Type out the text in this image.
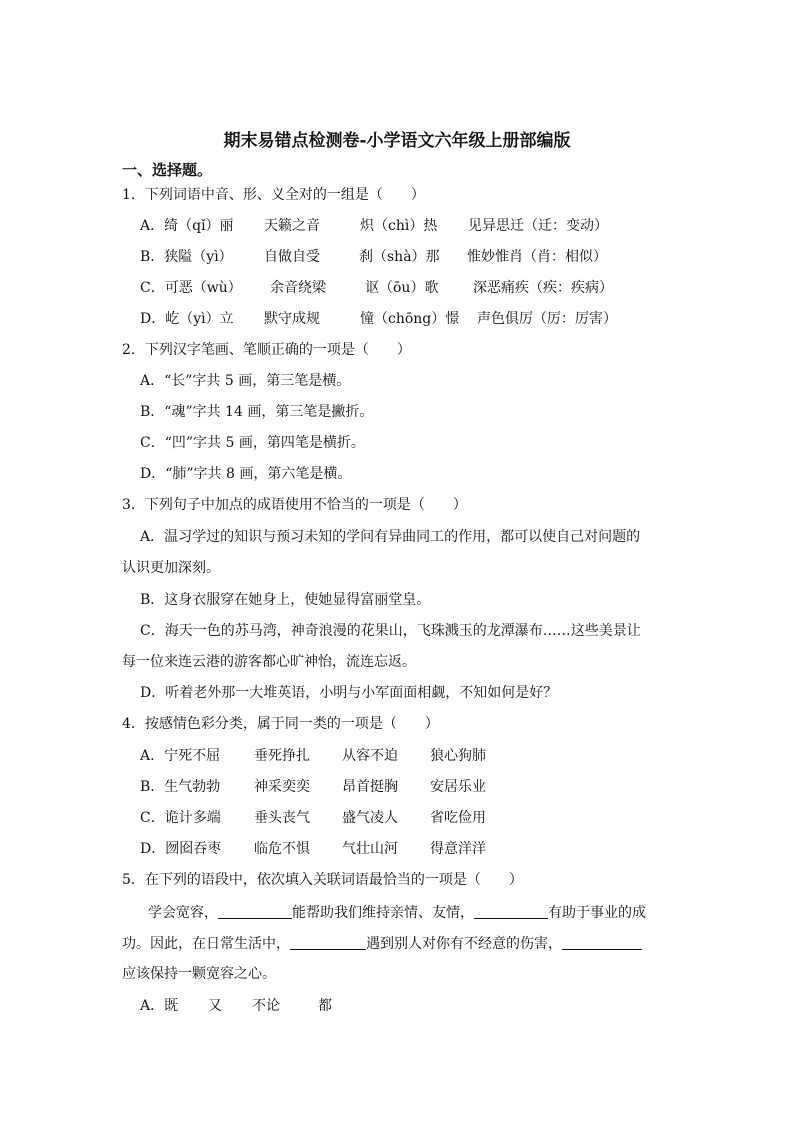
期末易错点检测卷-小学语文六年级上册部编版
一、选择题。
1．下列词语中音、形、义全对的一组是（　　）
A．绮（qǐ）丽 天籁之音	炽（chì）热 见异思迁（迁：变动）
B．狭隘（yì） 自做自受	刹（shà）那 惟妙惟肖（肖：相似）
C．可恶（wù） 余音绕梁	讴（ōu）歌 深恶痛疾（疾：疾病）
D．屹（yì）立 默守成规	憧（chōng）憬 声色俱厉（厉：厉害）
2．下列汉字笔画、笔顺正确的一项是（　　）
A．“长”字共 5 画，第三笔是横。
B．“魂”字共 14 画，第三笔是撇折。
C．“凹”字共 5 画，第四笔是横折。
D．“肺”字共 8 画，第六笔是横。
3．下列句子中加点的成语使用不恰当的一项是（　　）
A．温习学过的知识与预习未知的学问有异曲同工的作用，都可以使自己对问题的
认识更加深刻。
B．这身衣服穿在她身上，使她显得富丽堂皇。
C．海天一色的苏马湾，神奇浪漫的花果山，飞珠溅玉的龙潭瀑布……这些美景让
每一位来连云港的游客都心旷神怡，流连忘返。
D．听着老外那一大堆英语，小明与小军面面相觑，不知如何是好？
4．按感情色彩分类，属于同一类的一项是（　　）
A．宁死不屈 垂死挣扎 从容不迫 狼心狗肺
B．生气勃勃 神采奕奕 昂首挺胸 安居乐业
C．诡计多端 垂头丧气 盛气凌人 省吃俭用
D．囫囵吞枣 临危不惧 气壮山河 得意洋洋
5．在下列的语段中，依次填入关联词语最恰当的一项是（　　）
学会宽容，	能帮助我们维持亲情、友情，	有助于事业的成
功。因此，在日常生活中，	遇到别人对你有不经意的伤害，
应该保持一颗宽容之心。
A．既 又 不论	都
